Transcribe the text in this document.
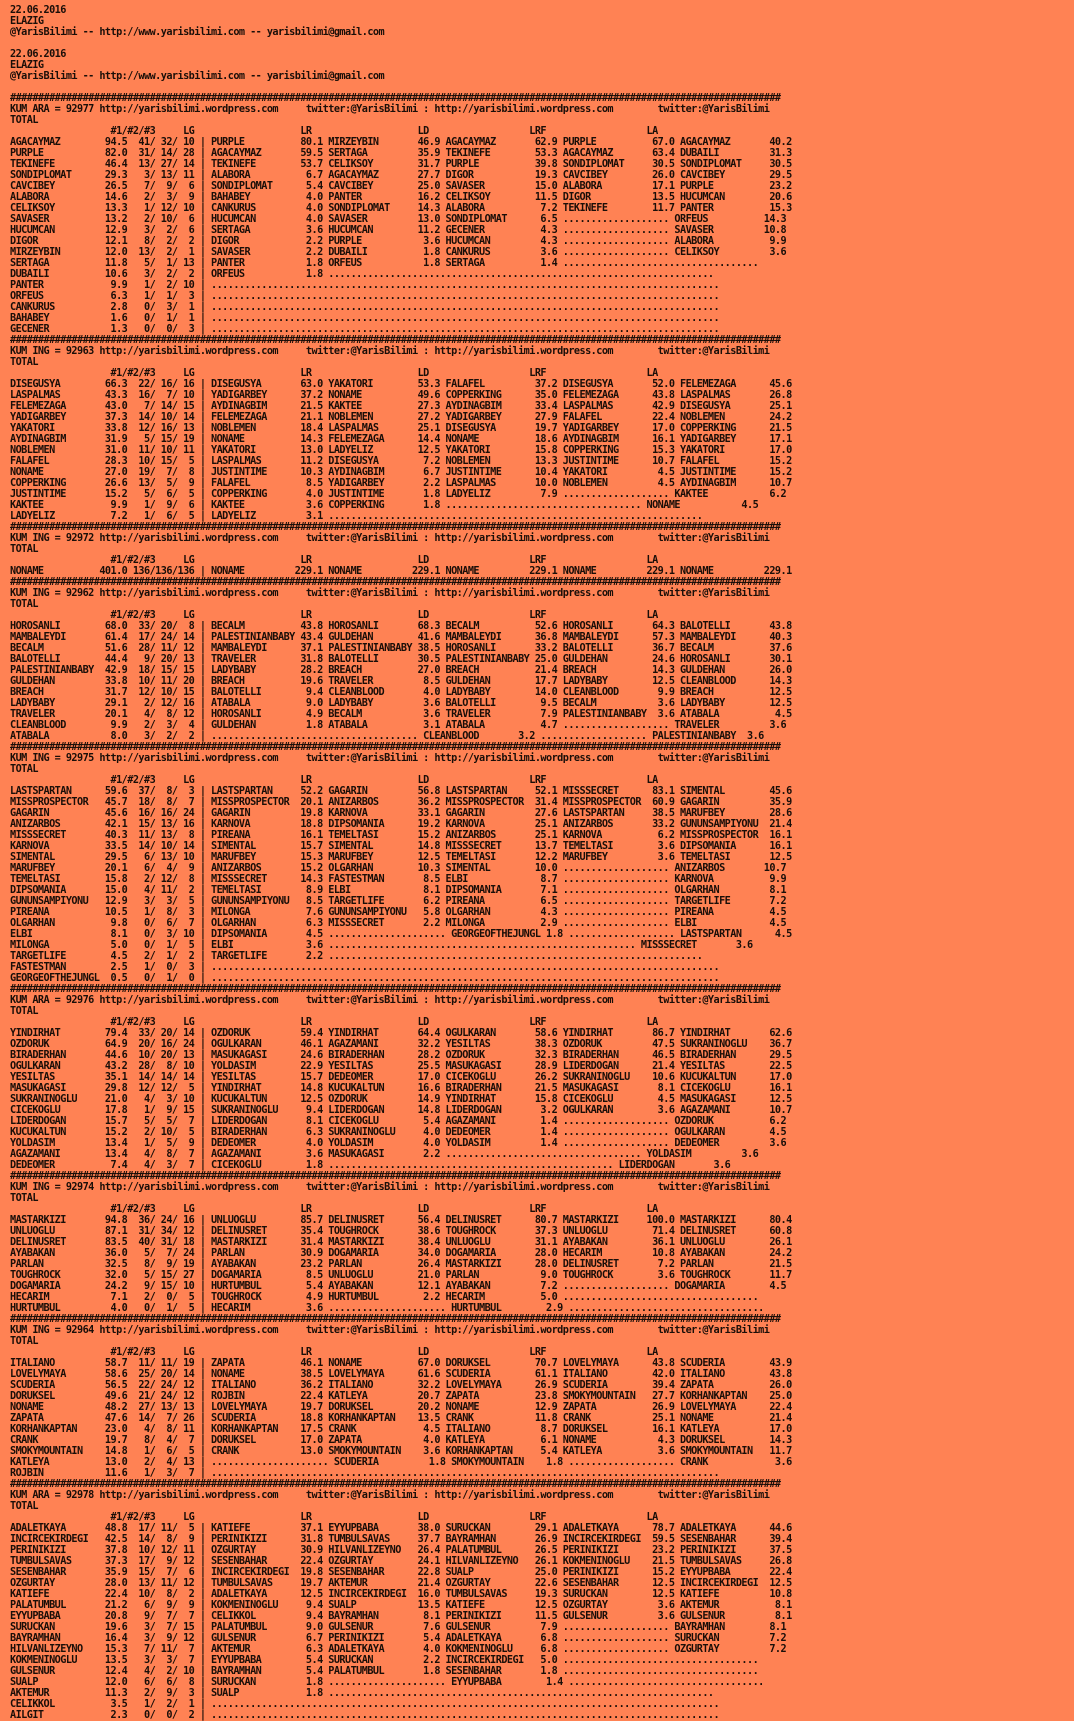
22.06.2016
ELAZIG
@YarisBilimi -- http://www.yarisbilimi.com -- yarisbilimi@gmail.com

22.06.2016
ELAZIG
@YarisBilimi -- http://www.yarisbilimi.com -- yarisbilimi@gmail.com

##########################################################################################################################################
KUM ARA = 92977 http://yarisbilimi.wordpress.com     twitter:@YarisBilimi : http://yarisbilimi.wordpress.com        twitter:@YarisBilimi
TOTAL
#1/#2/#3     LG                   LR                   LD                  LRF                  LA
AGACAYMAZ        94.5  41/ 32/ 10 | PURPLE          80.1 MIRZEYBIN       46.9 AGACAYMAZ       62.9 PURPLE          67.0 AGACAYMAZ       40.2
PURPLE           82.0  31/ 14/ 28 | AGACAYMAZ       59.5 SERTAGA         35.9 TEKINEFE        53.3 AGACAYMAZ       63.4 DUBAILI         31.3
TEKINEFE         46.4  13/ 27/ 14 | TEKINEFE        53.7 CELIKSOY        31.7 PURPLE          39.8 SONDIPLOMAT     30.5 SONDIPLOMAT     30.5
SONDIPLOMAT      29.3   3/ 13/ 11 | ALABORA          6.7 AGACAYMAZ       27.7 DIGOR           19.3 CAVCIBEY        26.0 CAVCIBEY        29.5
CAVCIBEY         26.5   7/  9/  6 | SONDIPLOMAT      5.4 CAVCIBEY        25.0 SAVASER         15.0 ALABORA         17.1 PURPLE          23.2
ALABORA          14.6   2/  3/  9 | BAHABEY          4.0 PANTER          16.2 CELIKSOY        11.5 DIGOR           13.5 HUCUMCAN        20.6
CELIKSOY         13.3   1/ 12/ 10 | CANKURUS         4.0 SONDIPLOMAT     14.3 ALABORA          7.2 TEKINEFE        11.7 PANTER          15.3
SAVASER          13.2   2/ 10/  6 | HUCUMCAN         4.0 SAVASER         13.0 SONDIPLOMAT      6.5 ................... ORFEUS          14.3
HUCUMCAN         12.9   3/  2/  6 | SERTAGA          3.6 HUCUMCAN        11.2 GECENER          4.3 ................... SAVASER         10.8
DIGOR            12.1   8/  2/  2 | DIGOR            2.2 PURPLE           3.6 HUCUMCAN         4.3 ................... ALABORA          9.9
MIRZEYBIN        12.0  13/  2/  1 | SAVASER          2.2 DUBAILI          1.8 CANKURUS         3.6 ................... CELIKSOY         3.6
SERTAGA          11.8   5/  1/ 13 | PANTER           1.8 ORFEUS           1.8 SERTAGA          1.4 ...................................
DUBAILI          10.6   3/  2/  2 | ORFEUS           1.8 .....................................................................
PANTER            9.9   1/  2/ 10 | ...........................................................................................
ORFEUS            6.3   1/  1/  3 | ...........................................................................................
CANKURUS          2.8   0/  3/  1 | ...........................................................................................
BAHABEY           1.6   0/  1/  1 | ...........................................................................................
GECENER           1.3   0/  0/  3 | ...........................................................................................
##########################################################################################################################################
KUM ING = 92963 http://yarisbilimi.wordpress.com     twitter:@YarisBilimi : http://yarisbilimi.wordpress.com        twitter:@YarisBilimi
TOTAL
#1/#2/#3     LG                   LR                   LD                  LRF                  LA
DISEGUSYA        66.3  22/ 16/ 16 | DISEGUSYA       63.0 YAKATORI        53.3 FALAFEL         37.2 DISEGUSYA       52.0 FELEMEZAGA      45.6
LASPALMAS        43.3  16/  7/ 10 | YADIGARBEY      37.2 NONAME          49.6 COPPERKING      35.0 FELEMEZAGA      43.8 LASPALMAS       26.8
FELEMEZAGA       43.0   7/ 14/ 15 | AYDINAGBIM      21.5 KAKTEE          27.3 AYDINAGBIM      33.4 LASPALMAS       42.9 DISEGUSYA       25.1
YADIGARBEY       37.3  14/ 10/ 14 | FELEMEZAGA      21.1 NOBLEMEN        27.2 YADIGARBEY      27.9 FALAFEL         22.4 NOBLEMEN        24.2
YAKATORI         33.8  12/ 16/ 13 | NOBLEMEN        18.4 LASPALMAS       25.1 DISEGUSYA       19.7 YADIGARBEY      17.0 COPPERKING      21.5
AYDINAGBIM       31.9   5/ 15/ 19 | NONAME          14.3 FELEMEZAGA      14.4 NONAME          18.6 AYDINAGBIM      16.1 YADIGARBEY      17.1
NOBLEMEN         31.0  11/ 10/ 11 | YAKATORI        13.0 LADYELIZ        12.5 YAKATORI        15.8 COPPERKING      15.3 YAKATORI        17.0
FALAFEL          28.3  10/ 15/  5 | LASPALMAS       11.2 DISEGUSYA        7.2 NOBLEMEN        13.3 JUSTINTIME      10.7 FALAFEL         15.2
NONAME           27.0  19/  7/  8 | JUSTINTIME      10.3 AYDINAGBIM       6.7 JUSTINTIME      10.4 YAKATORI         4.5 JUSTINTIME      15.2
COPPERKING       26.6  13/  5/  9 | FALAFEL          8.5 YADIGARBEY       2.2 LASPALMAS       10.0 NOBLEMEN         4.5 AYDINAGBIM      10.7
JUSTINTIME       15.2   5/  6/  5 | COPPERKING       4.0 JUSTINTIME       1.8 LADYELIZ         7.9 ................... KAKTEE           6.2
KAKTEE            9.9   1/  9/  6 | KAKTEE           3.6 COPPERKING       1.8 ................................... NONAME           4.5
LADYELIZ          7.2   1/  6/  5 | LADYELIZ         3.1 ...................................................................
##########################################################################################################################################
KUM ING = 92972 http://yarisbilimi.wordpress.com     twitter:@YarisBilimi : http://yarisbilimi.wordpress.com        twitter:@YarisBilimi
TOTAL
#1/#2/#3     LG                   LR                   LD                  LRF                  LA
NONAME          401.0 136/136/136 | NONAME         229.1 NONAME         229.1 NONAME         229.1 NONAME         229.1 NONAME         229.1
##########################################################################################################################################
KUM ING = 92962 http://yarisbilimi.wordpress.com     twitter:@YarisBilimi : http://yarisbilimi.wordpress.com        twitter:@YarisBilimi
TOTAL
#1/#2/#3     LG                   LR                   LD                  LRF                  LA
HOROSANLI        68.0  33/ 20/  8 | BECALM          43.8 HOROSANLI       68.3 BECALM          52.6 HOROSANLI       64.3 BALOTELLI       43.8
MAMBALEYDI       61.4  17/ 24/ 14 | PALESTINIANBABY 43.4 GULDEHAN        41.6 MAMBALEYDI      36.8 MAMBALEYDI      57.3 MAMBALEYDI      40.3
BECALM           51.6  28/ 11/ 12 | MAMBALEYDI      37.1 PALESTINIANBABY 38.5 HOROSANLI       33.2 BALOTELLI       36.7 BECALM          37.6
BALOTELLI        44.4   9/ 20/ 13 | TRAVELER        31.8 BALOTELLI       30.5 PALESTINIANBABY 25.0 GULDEHAN        24.6 HOROSANLI       30.1
PALESTINIANBABY  42.9  18/ 15/ 15 | LADYBABY        28.2 BREACH          27.0 BREACH          21.4 BREACH          14.3 GULDEHAN        26.0
GULDEHAN         33.8  10/ 11/ 20 | BREACH          19.6 TRAVELER         8.5 GULDEHAN        17.7 LADYBABY        12.5 CLEANBLOOD      14.3
BREACH           31.7  12/ 10/ 15 | BALOTELLI        9.4 CLEANBLOOD       4.0 LADYBABY        14.0 CLEANBLOOD       9.9 BREACH          12.5
LADYBABY         29.1   2/ 12/ 16 | ATABALA          9.0 LADYBABY         3.6 BALOTELLI        9.5 BECALM           3.6 LADYBABY        12.5
TRAVELER         20.1   4/  8/ 12 | HOROSANLI        4.9 BECALM           3.6 TRAVELER         7.9 PALESTINIANBABY  3.6 ATABALA          4.5
CLEANBLOOD        9.9   2/  3/  4 | GULDEHAN         1.8 ATABALA          3.1 ATABALA          4.7 ................... TRAVELER         3.6
ATABALA           8.0   3/  2/  2 | ..................................... CLEANBLOOD       3.2 ................... PALESTINIANBABY  3.6
##########################################################################################################################################
KUM ING = 92975 http://yarisbilimi.wordpress.com     twitter:@YarisBilimi : http://yarisbilimi.wordpress.com        twitter:@YarisBilimi
TOTAL
#1/#2/#3     LG                   LR                   LD                  LRF                  LA
LASTSPARTAN      59.6  37/  8/  3 | LASTSPARTAN     52.2 GAGARIN         56.8 LASTSPARTAN     52.1 MISSSECRET      83.1 SIMENTAL        45.6
MISSPROSPECTOR   45.7  18/  8/  7 | MISSPROSPECTOR  20.1 ANIZARBOS       36.2 MISSPROSPECTOR  31.4 MISSPROSPECTOR  60.9 GAGARIN         35.9
GAGARIN          45.6  16/ 16/ 24 | GAGARIN         19.8 KARNOVA         33.1 GAGARIN         27.6 LASTSPARTAN     38.5 MARUFBEY        28.6
ANIZARBOS        42.1  15/ 13/ 16 | KARNOVA         18.8 DIPSOMANIA      19.2 KARNOVA         25.1 ANIZARBOS       33.2 GUNUNSAMPIYONU  21.4
MISSSECRET       40.3  11/ 13/  8 | PIREANA         16.1 TEMELTASI       15.2 ANIZARBOS       25.1 KARNOVA          6.2 MISSPROSPECTOR  16.1
KARNOVA          33.5  14/ 10/ 14 | SIMENTAL        15.7 SIMENTAL        14.8 MISSSECRET      13.7 TEMELTASI        3.6 DIPSOMANIA      16.1
SIMENTAL         29.5   6/ 13/ 10 | MARUFBEY        15.3 MARUFBEY        12.5 TEMELTASI       12.2 MARUFBEY         3.6 TEMELTASI       12.5
MARUFBEY         20.1   6/  4/  9 | ANIZARBOS       15.2 OLGARHAN        10.3 SIMENTAL        10.0 ................... ANIZARBOS       10.7
TEMELTASI        15.8   2/ 12/  8 | MISSSECRET      14.3 FASTESTMAN       8.5 ELBI             8.7 ................... KARNOVA          9.9
DIPSOMANIA       15.0   4/ 11/  2 | TEMELTASI        8.9 ELBI             8.1 DIPSOMANIA       7.1 ................... OLGARHAN         8.1
GUNUNSAMPIYONU   12.9   3/  3/  5 | GUNUNSAMPIYONU   8.5 TARGETLIFE       6.2 PIREANA          6.5 ................... TARGETLIFE       7.2
PIREANA          10.5   1/  8/  3 | MILONGA          7.6 GUNUNSAMPIYONU   5.8 OLGARHAN         4.3 ................... PIREANA          4.5
OLGARHAN          9.8   0/  6/  7 | OLGARHAN         6.3 MISSSECRET       2.2 MILONGA          2.9 ................... ELBI             4.5
ELBI              8.1   0/  3/ 10 | DIPSOMANIA       4.5 ..................... GEORGEOFTHEJUNGL 1.8 ................... LASTSPARTAN      4.5
MILONGA           5.0   0/  1/  5 | ELBI             3.6 ....................................................... MISSSECRET       3.6
TARGETLIFE        4.5   2/  1/  2 | TARGETLIFE       2.2 ...................................................................
FASTESTMAN        2.5   1/  0/  3 | ...........................................................................................
GEORGEOFTHEJUNGL  0.5   0/  1/  0 | ...........................................................................................
##########################################################################################################################################
KUM ARA = 92976 http://yarisbilimi.wordpress.com     twitter:@YarisBilimi : http://yarisbilimi.wordpress.com        twitter:@YarisBilimi
TOTAL
#1/#2/#3     LG                   LR                   LD                  LRF                  LA
YINDIRHAT        79.4  33/ 20/ 14 | OZDORUK         59.4 YINDIRHAT       64.4 OGULKARAN       58.6 YINDIRHAT       86.7 YINDIRHAT       62.6
OZDORUK          64.9  20/ 16/ 24 | OGULKARAN       46.1 AGAZAMANI       32.2 YESILTAS        38.3 OZDORUK         47.5 SUKRANINOGLU    36.7
BIRADERHAN       44.6  10/ 20/ 13 | MASUKAGASI      24.6 BIRADERHAN      28.2 OZDORUK         32.3 BIRADERHAN      46.5 BIRADERHAN      29.5
OGULKARAN        43.2  28/  8/ 10 | YOLDASIM        22.9 YESILTAS        25.5 MASUKAGASI      28.9 LIDERDOGAN      21.4 YESILTAS        22.5
YESILTAS         35.1  14/ 14/ 14 | YESILTAS        15.7 DEDEOMER        17.0 CICEKOGLU       26.2 SUKRANINOGLU    10.6 KUCUKALTUN      17.0
MASUKAGASI       29.8  12/ 12/  5 | YINDIRHAT       14.8 KUCUKALTUN      16.6 BIRADERHAN      21.5 MASUKAGASI       8.1 CICEKOGLU       16.1
SUKRANINOGLU     21.0   4/  3/ 10 | KUCUKALTUN      12.5 OZDORUK         14.9 YINDIRHAT       15.8 CICEKOGLU        4.5 MASUKAGASI      12.5
CICEKOGLU        17.8   1/  9/ 15 | SUKRANINOGLU     9.4 LIDERDOGAN      14.8 LIDERDOGAN       3.2 OGULKARAN        3.6 AGAZAMANI       10.7
LIDERDOGAN       15.7   5/  5/  7 | LIDERDOGAN       8.1 CICEKOGLU        5.4 AGAZAMANI        1.4 ................... OZDORUK          6.2
KUCUKALTUN       15.2   2/ 10/  5 | BIRADERHAN       6.3 SUKRANINOGLU     4.0 DEDEOMER         1.4 ................... OGULKARAN        4.5
YOLDASIM         13.4   1/  5/  9 | DEDEOMER         4.0 YOLDASIM         4.0 YOLDASIM         1.4 ................... DEDEOMER         3.6
AGAZAMANI        13.4   4/  8/  7 | AGAZAMANI        3.6 MASUKAGASI       2.2 ................................... YOLDASIM         3.6
DEDEOMER          7.4   4/  3/  7 | CICEKOGLU        1.8 ................................................... LIDERDOGAN       3.6
##########################################################################################################################################
KUM ING = 92974 http://yarisbilimi.wordpress.com     twitter:@YarisBilimi : http://yarisbilimi.wordpress.com        twitter:@YarisBilimi
TOTAL
#1/#2/#3     LG                   LR                   LD                  LRF                  LA
MASTARKIZI       94.8  36/ 24/ 16 | UNLUOGLU        85.7 DELINUSRET      56.4 DELINUSRET      80.7 MASTARKIZI     100.0 MASTARKIZI      80.4
UNLUOGLU         87.1  31/ 34/ 12 | DELINUSRET      35.4 TOUGHROCK       38.6 TOUGHROCK       37.3 UNLUOGLU        71.4 DELINUSRET      60.8
DELINUSRET       83.5  40/ 31/ 18 | MASTARKIZI      31.4 MASTARKIZI      38.4 UNLUOGLU        31.1 AYABAKAN        36.1 UNLUOGLU        26.1
AYABAKAN         36.0   5/  7/ 24 | PARLAN          30.9 DOGAMARIA       34.0 DOGAMARIA       28.0 HECARIM         10.8 AYABAKAN        24.2
PARLAN           32.5   8/  9/ 19 | AYABAKAN        23.2 PARLAN          26.4 MASTARKIZI      28.0 DELINUSRET       7.2 PARLAN          21.5
TOUGHROCK        32.0   5/ 15/ 27 | DOGAMARIA        8.5 UNLUOGLU        21.0 PARLAN           9.0 TOUGHROCK        3.6 TOUGHROCK       11.7
DOGAMARIA        24.2   9/ 15/ 10 | HURTUMBUL        5.4 AYABAKAN        12.1 AYABAKAN         7.2 ................... DOGAMARIA        4.5
HECARIM           7.1   2/  0/  5 | TOUGHROCK        4.9 HURTUMBUL        2.2 HECARIM          5.0 ...................................
HURTUMBUL         4.0   0/  1/  5 | HECARIM          3.6 ..................... HURTUMBUL        2.9 ...................................
##########################################################################################################################################
KUM ING = 92964 http://yarisbilimi.wordpress.com     twitter:@YarisBilimi : http://yarisbilimi.wordpress.com        twitter:@YarisBilimi
TOTAL
#1/#2/#3     LG                   LR                   LD                  LRF                  LA
ITALIANO         58.7  11/ 11/ 19 | ZAPATA          46.1 NONAME          67.0 DORUKSEL        70.7 LOVELYMAYA      43.8 SCUDERIA        43.9
LOVELYMAYA       58.6  25/ 20/ 14 | NONAME          38.5 LOVELYMAYA      61.6 SCUDERIA        61.1 ITALIANO        42.0 ITALIANO        43.8
SCUDERIA         56.5  22/ 24/ 12 | ITALIANO        36.2 ITALIANO        32.2 LOVELYMAYA      26.9 SCUDERIA        39.4 ZAPATA          26.0
DORUKSEL         49.6  21/ 24/ 12 | ROJBIN          22.4 KATLEYA         20.7 ZAPATA          23.8 SMOKYMOUNTAIN   27.7 KORHANKAPTAN    25.0
NONAME           48.2  27/ 13/ 13 | LOVELYMAYA      19.7 DORUKSEL        20.2 NONAME          12.9 ZAPATA          26.9 LOVELYMAYA      22.4
ZAPATA           47.6  14/  7/ 26 | SCUDERIA        18.8 KORHANKAPTAN    13.5 CRANK           11.8 CRANK           25.1 NONAME          21.4
KORHANKAPTAN     23.0   4/  8/ 11 | KORHANKAPTAN    17.5 CRANK            4.5 ITALIANO         8.7 DORUKSEL        16.1 KATLEYA         17.0
CRANK            19.7   8/  4/  7 | DORUKSEL        17.0 ZAPATA           4.0 KATLEYA          6.1 NONAME           4.3 DORUKSEL        14.3
SMOKYMOUNTAIN    14.8   1/  6/  5 | CRANK           13.0 SMOKYMOUNTAIN    3.6 KORHANKAPTAN     5.4 KATLEYA          3.6 SMOKYMOUNTAIN   11.7
KATLEYA          13.0   2/  4/ 13 | ..................... SCUDERIA         1.8 SMOKYMOUNTAIN    1.8 ................... CRANK            3.6
ROJBIN           11.6   1/  3/  7 | ...........................................................................................
##########################################################################################################################################
KUM ARA = 92978 http://yarisbilimi.wordpress.com     twitter:@YarisBilimi : http://yarisbilimi.wordpress.com        twitter:@YarisBilimi
TOTAL
#1/#2/#3     LG                   LR                   LD                  LRF                  LA
ADALETKAYA       48.8  17/ 11/  5 | KATIEFE         37.1 EYYUPBABA       38.0 SURUCKAN        29.1 ADALETKAYA      78.7 ADALETKAYA      44.6
INCIRCEKIRDEGI   42.5  14/  8/  9 | PERINIKIZI      31.8 TUMBULSAVAS     37.7 BAYRAMHAN       26.9 INCIRCEKIRDEGI  59.5 SESENBAHAR      39.4
PERINIKIZI       37.8  10/ 12/ 11 | OZGURTAY        30.9 HILVANLIZEYNO   26.4 PALATUMBUL      26.5 PERINIKIZI      23.2 PERINIKIZI      37.5
TUMBULSAVAS      37.3  17/  9/ 12 | SESENBAHAR      22.4 OZGURTAY        24.1 HILVANLIZEYNO   26.1 KOKMENINOGLU    21.5 TUMBULSAVAS     26.8
SESENBAHAR       35.9  15/  7/  6 | INCIRCEKIRDEGI  19.8 SESENBAHAR      22.8 SUALP           25.0 PERINIKIZI      15.2 EYYUPBABA       22.4
OZGURTAY         28.0  13/ 11/ 12 | TUMBULSAVAS     19.7 AKTEMUR         21.4 OZGURTAY        22.6 SESENBAHAR      12.5 INCIRCEKIRDEGI  12.5
KATIEFE          22.4  10/  8/  2 | ADALETKAYA      12.5 INCIRCEKIRDEGI  16.0 TUMBULSAVAS     19.3 SURUCKAN        12.5 KATIEFE         10.8
PALATUMBUL       21.2   6/  9/  9 | KOKMENINOGLU     9.4 SUALP           13.5 KATIEFE         12.5 OZGURTAY         3.6 AKTEMUR          8.1
EYYUPBABA        20.8   9/  7/  7 | CELIKKOL         9.4 BAYRAMHAN        8.1 PERINIKIZI      11.5 GULSENUR         3.6 GULSENUR         8.1
SURUCKAN         19.6   3/  7/ 15 | PALATUMBUL       9.0 GULSENUR         7.6 GULSENUR         7.9 ................... BAYRAMHAN        8.1
BAYRAMHAN        16.4   3/  9/ 12 | GULSENUR         6.7 PERINIKIZI       5.4 ADALETKAYA       6.8 ................... SURUCKAN         7.2
HILVANLIZEYNO    15.3   7/ 11/  7 | AKTEMUR          6.3 ADALETKAYA       4.0 KOKMENINOGLU     6.8 ................... OZGURTAY         7.2
KOKMENINOGLU     13.5   3/  3/  7 | EYYUPBABA        5.4 SURUCKAN         2.2 INCIRCEKIRDEGI   5.0 ...................................
GULSENUR         12.4   4/  2/ 10 | BAYRAMHAN        5.4 PALATUMBUL       1.8 SESENBAHAR       1.8 ...................................
SUALP            12.0   6/  6/  8 | SURUCKAN         1.8 ..................... EYYUPBABA        1.4 ...................................
AKTEMUR          11.3   2/  9/  3 | SUALP            1.8 .....................................................................
CELIKKOL          3.5   1/  2/  1 | ...........................................................................................
AILGIT            2.3   0/  0/  2 | ...........................................................................................
